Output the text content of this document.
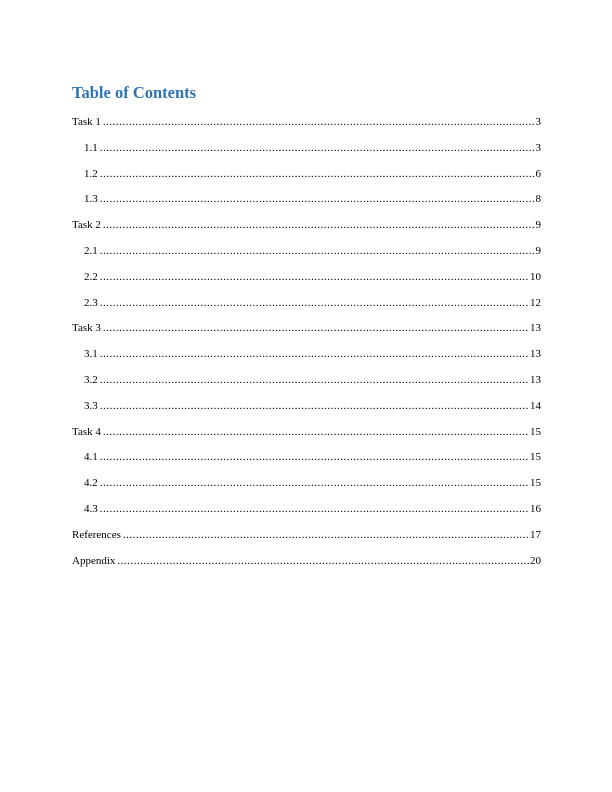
Table of Contents
Task 1 .....	3
1.1 .....	3
1.2 .....	6
1.3 .....	8
Task 2 .....	9
2.1 .....	9
2.2 .....	10
2.3 .....	12
Task 3 .....	13
3.1 .....	13
3.2 .....	13
3.3 .....	14
Task 4 .....	15
4.1 .....	15
4.2 .....	15
4.3 .....	16
References .....	17
Appendix .....	20
